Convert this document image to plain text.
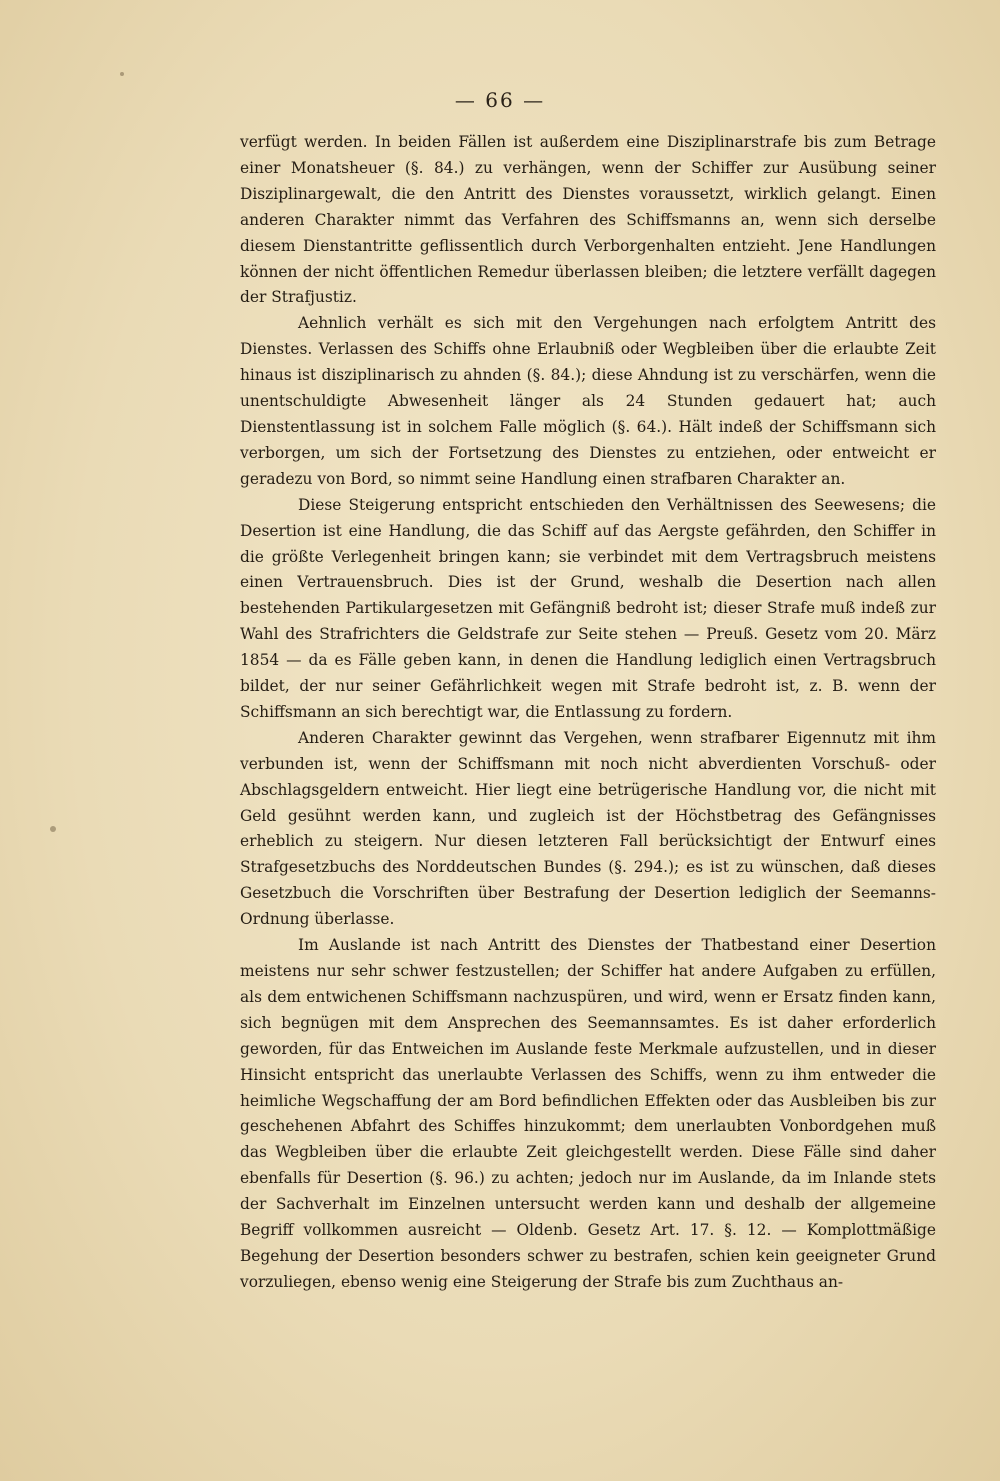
— 66 —

verfügt werden. In beiden Fällen ist außerdem eine Disziplinarstrafe bis zum Betrage einer Monatsheuer (§. 84.) zu verhängen, wenn der Schiffer zur Ausübung seiner Disziplinargewalt, die den Antritt des Dienstes voraussetzt, wirklich gelangt. Einen anderen Charakter nimmt das Verfahren des Schiffsmanns an, wenn sich derselbe diesem Dienstantritte geflissentlich durch Verborgenhalten entzieht. Jene Handlungen können der nicht öffentlichen Remedur überlassen bleiben; die letztere verfällt dagegen der Strafjustiz.

Aehnlich verhält es sich mit den Vergehungen nach erfolgtem Antritt des Dienstes. Verlassen des Schiffs ohne Erlaubniß oder Wegbleiben über die erlaubte Zeit hinaus ist disziplinarisch zu ahnden (§. 84.); diese Ahndung ist zu verschärfen, wenn die unentschuldigte Abwesenheit länger als 24 Stunden gedauert hat; auch Dienstentlassung ist in solchem Falle möglich (§. 64.). Hält indeß der Schiffsmann sich verborgen, um sich der Fortsetzung des Dienstes zu entziehen, oder entweicht er geradezu von Bord, so nimmt seine Handlung einen strafbaren Charakter an.

Diese Steigerung entspricht entschieden den Verhältnissen des Seewesens; die Desertion ist eine Handlung, die das Schiff auf das Aergste gefährden, den Schiffer in die größte Verlegenheit bringen kann; sie verbindet mit dem Vertragsbruch meistens einen Vertrauensbruch. Dies ist der Grund, weshalb die Desertion nach allen bestehenden Partikulargesetzen mit Gefängniß bedroht ist; dieser Strafe muß indeß zur Wahl des Strafrichters die Geldstrafe zur Seite stehen — Preuß. Gesetz vom 20. März 1854 — da es Fälle geben kann, in denen die Handlung lediglich einen Vertragsbruch bildet, der nur seiner Gefährlichkeit wegen mit Strafe bedroht ist, z. B. wenn der Schiffsmann an sich berechtigt war, die Entlassung zu fordern.

Anderen Charakter gewinnt das Vergehen, wenn strafbarer Eigennutz mit ihm verbunden ist, wenn der Schiffsmann mit noch nicht abverdienten Vorschuß- oder Abschlagsgeldern entweicht. Hier liegt eine betrügerische Handlung vor, die nicht mit Geld gesühnt werden kann, und zugleich ist der Höchstbetrag des Gefängnisses erheblich zu steigern. Nur diesen letzteren Fall berücksichtigt der Entwurf eines Strafgesetzbuchs des Norddeutschen Bundes (§. 294.); es ist zu wünschen, daß dieses Gesetzbuch die Vorschriften über Bestrafung der Desertion lediglich der Seemanns-Ordnung überlasse.

Im Auslande ist nach Antritt des Dienstes der Thatbestand einer Desertion meistens nur sehr schwer festzustellen; der Schiffer hat andere Aufgaben zu erfüllen, als dem entwichenen Schiffsmann nachzuspüren, und wird, wenn er Ersatz finden kann, sich begnügen mit dem Ansprechen des Seemannsamtes. Es ist daher erforderlich geworden, für das Entweichen im Auslande feste Merkmale aufzustellen, und in dieser Hinsicht entspricht das unerlaubte Verlassen des Schiffs, wenn zu ihm entweder die heimliche Wegschaffung der am Bord befindlichen Effekten oder das Ausbleiben bis zur geschehenen Abfahrt des Schiffes hinzukommt; dem unerlaubten Vonbordgehen muß das Wegbleiben über die erlaubte Zeit gleichgestellt werden. Diese Fälle sind daher ebenfalls für Desertion (§. 96.) zu achten; jedoch nur im Auslande, da im Inlande stets der Sachverhalt im Einzelnen untersucht werden kann und deshalb der allgemeine Begriff vollkommen ausreicht — Oldenb. Gesetz Art. 17. §. 12. — Komplottmäßige Begehung der Desertion besonders schwer zu bestrafen, schien kein geeigneter Grund vorzuliegen, ebenso wenig eine Steigerung der Strafe bis zum Zuchthaus an-
